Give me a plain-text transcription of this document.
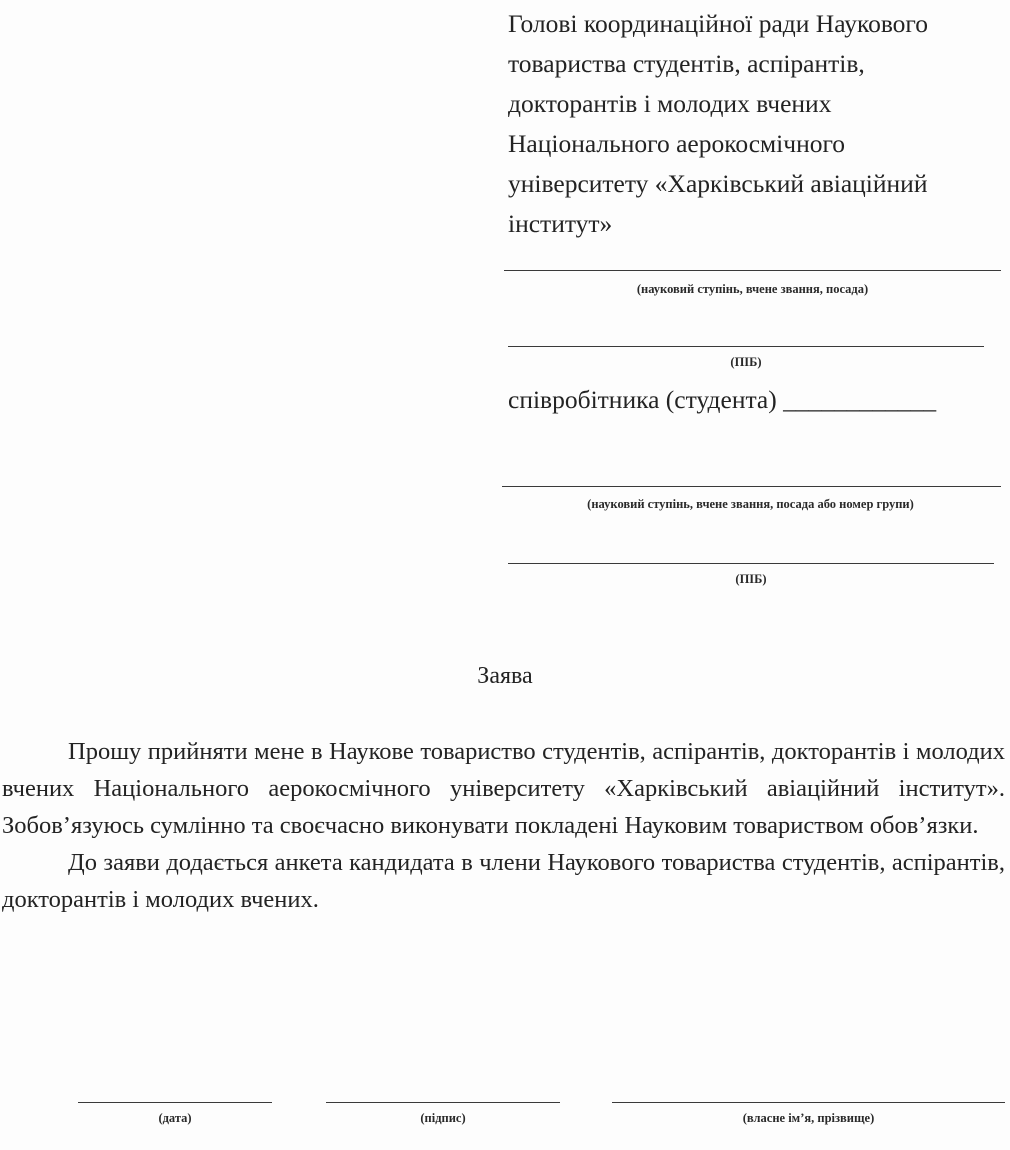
Голові координаційної ради Наукового
товариства студентів, аспірантів,
докторантів і молодих вчених
Національного аерокосмічного
університету «Харківський авіаційний
інститут»
(науковий ступінь, вчене звання, посада)
(ПІБ)
співробітника (студента) ____________
(науковий ступінь, вчене звання, посада або номер групи)
(ПІБ)
Заява

Прошу прийняти мене в Наукове товариство студентів, аспірантів, докторантів і молодих вчених Національного аерокосмічного університету «Харківський авіаційний інститут». Зобов’язуюсь сумлінно та своєчасно виконувати покладені Науковим товариством обов’язки.

До заяви додається анкета кандидата в члени Наукового товариства студентів, аспірантів, докторантів і молодих вчених.

(дата)	(підпис)	(власне ім’я, прізвище)
